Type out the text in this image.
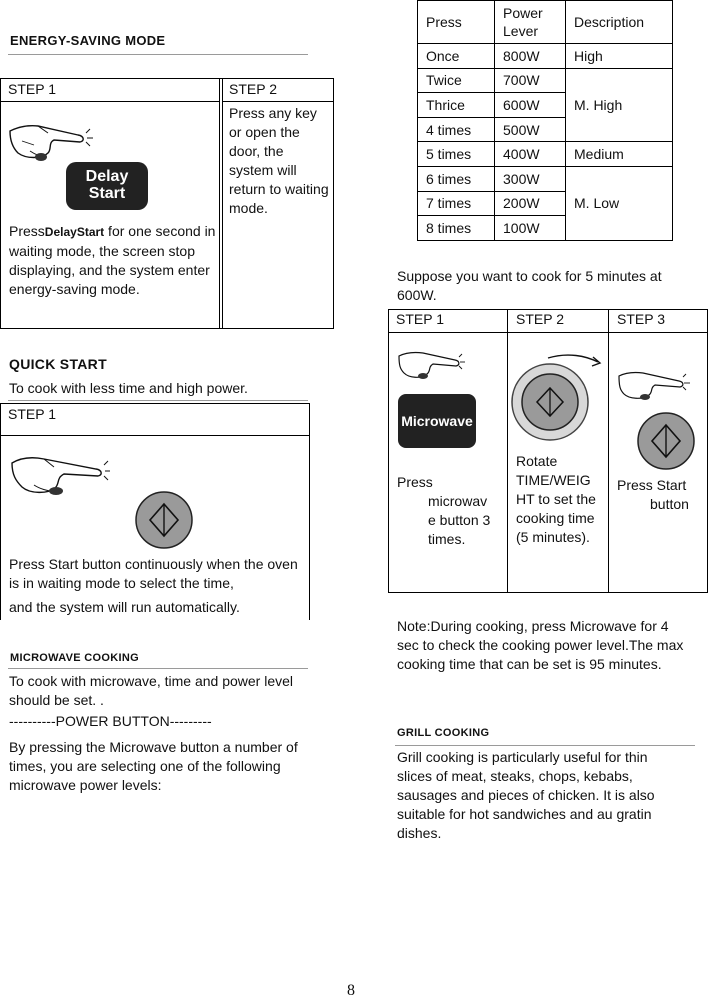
ENERGY-SAVING MODE
STEP 1	STEP 2
Delay
Start
PressDelayStart for one second in waiting mode, the screen stop displaying, and the system enter energy-saving mode.
Press any key or open the door, the system will return to waiting mode.
QUICK START
To cook with less time and high power.
STEP 1
Press Start button continuously when the oven is in waiting mode to select the time,
and the system will run automatically.
MICROWAVE COOKING
To cook with microwave, time and power level should be set. .
----------POWER BUTTON---------
By pressing the Microwave button a number of times, you are selecting one of the following microwave power levels:
Press	Power Lever	Description
Once	800W	High
Twice	700W	M. High
Thrice	600W	
4 times	500W	
5 times	400W	Medium
6 times	300W	M. Low
7 times	200W	
8 times	100W	
Suppose you want to cook for 5 minutes at 600W.
STEP 1	STEP 2	STEP 3
Microwave
Press
microwav
e button 3
times.
Rotate TIME/WEIG HT to set the cooking time (5 minutes).
Press Start
button
Note:During cooking, press Microwave for 4 sec to check the cooking power level.The max cooking time that can be set is 95 minutes.
GRILL COOKING
Grill cooking is particularly useful for thin slices of meat, steaks, chops, kebabs, sausages and pieces of chicken. It is also suitable for hot sandwiches and au gratin dishes.
8
